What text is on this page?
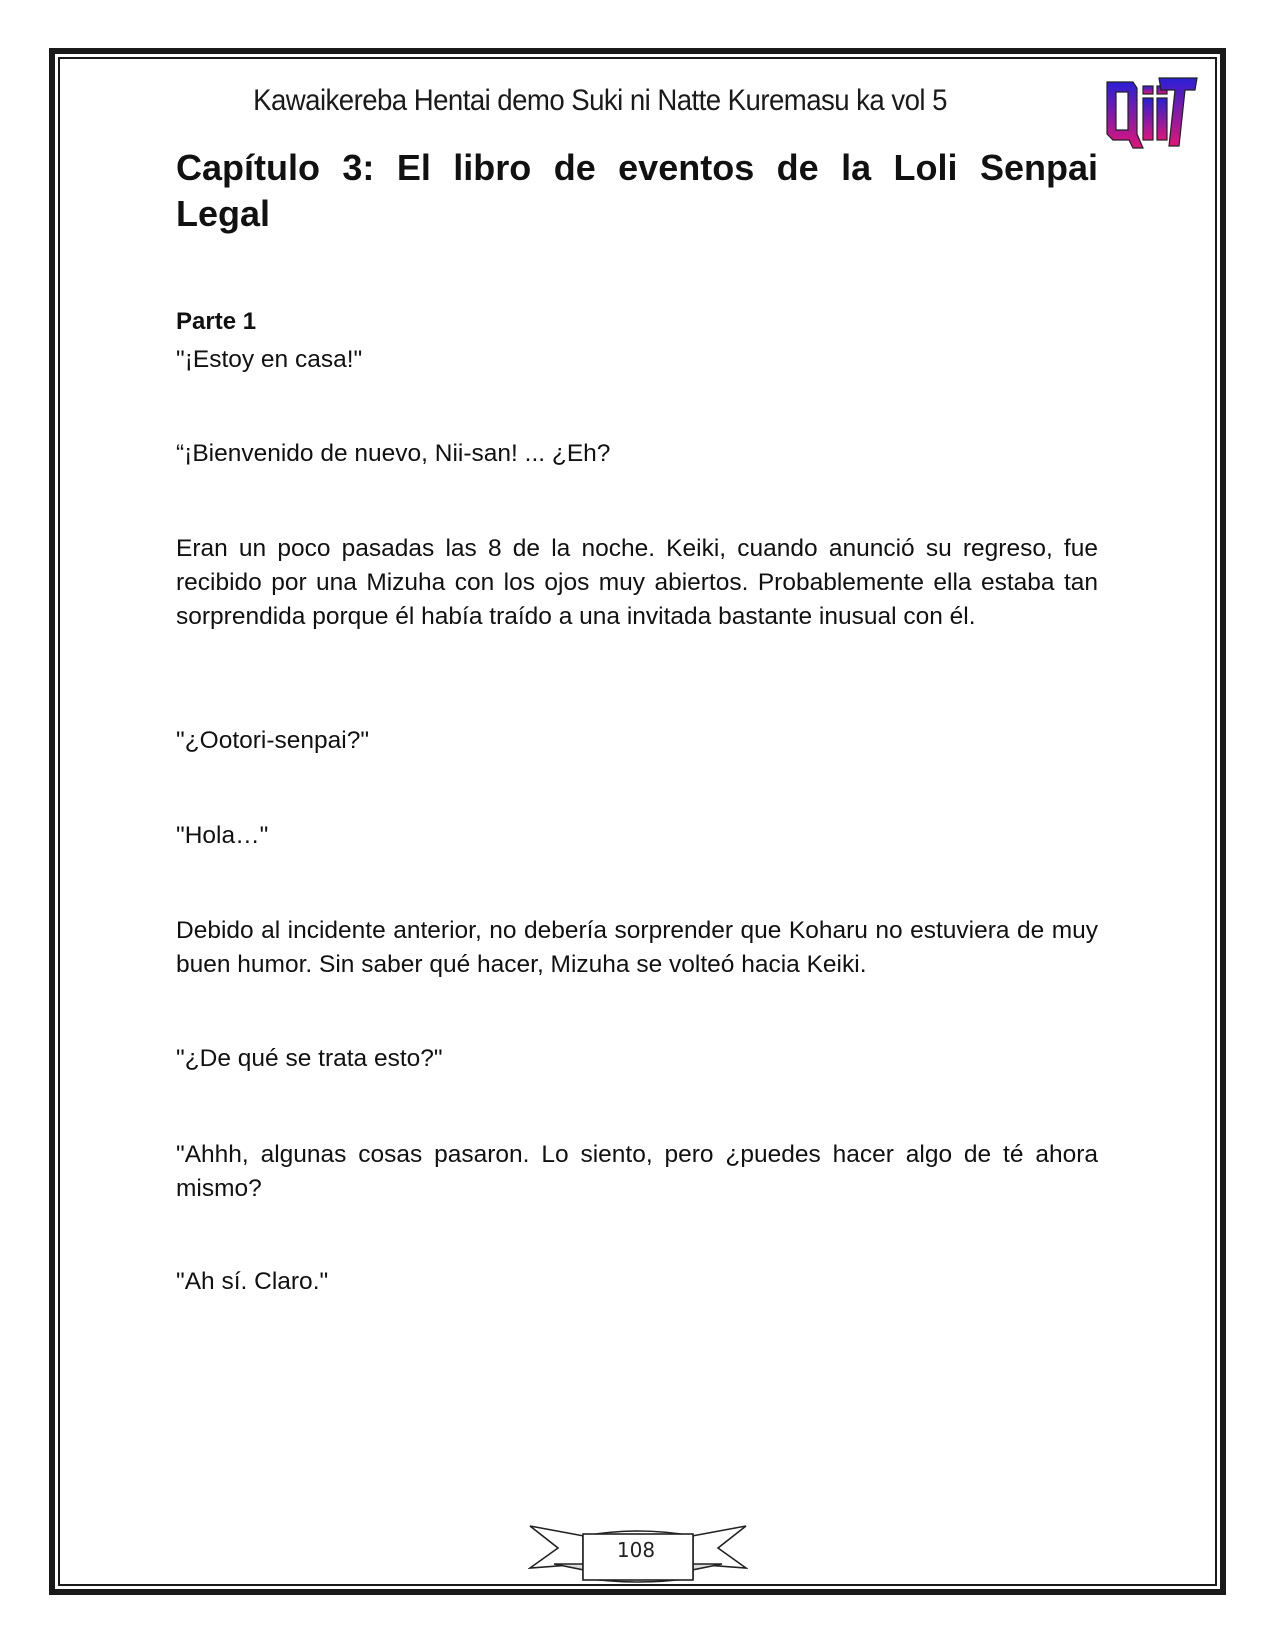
Kawaikereba Hentai demo Suki ni Natte Kuremasu ka vol 5
Capítulo 3: El libro de eventos de la Loli Senpai Legal
Parte 1

"¡Estoy en casa!"

“¡Bienvenido de nuevo, Nii-san! ... ¿Eh?

Eran un poco pasadas las 8 de la noche. Keiki, cuando anunció su regreso, fue recibido por una Mizuha con los ojos muy abiertos. Probablemente ella estaba tan sorprendida porque él había traído a una invitada bastante inusual con él.

"¿Ootori-senpai?"

"Hola…"

Debido al incidente anterior, no debería sorprender que Koharu no estuviera de muy buen humor. Sin saber qué hacer, Mizuha se volteó hacia Keiki.

"¿De qué se trata esto?"

"Ahhh, algunas cosas pasaron. Lo siento, pero ¿puedes hacer algo de té ahora mismo?

"Ah sí. Claro."

108
